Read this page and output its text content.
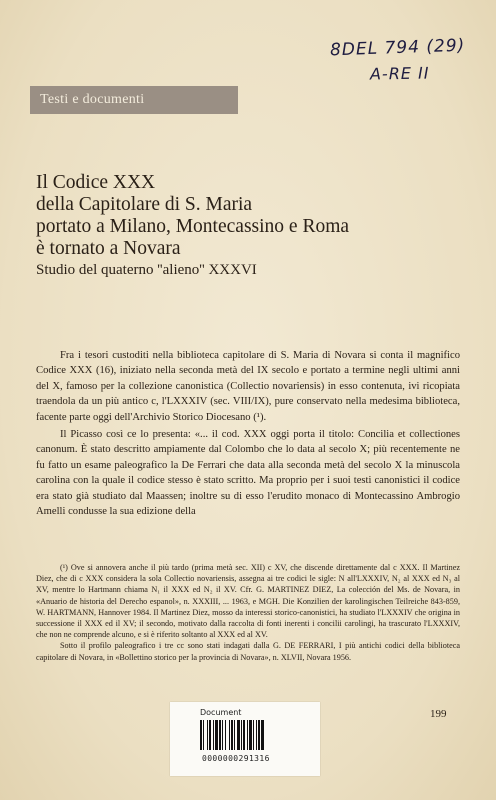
8DEL 794 (29)
A-RE II
Testi e documenti

Il Codice XXX

della Capitolare di S. Maria

portato a Milano, Montecassino e Roma

è tornato a Novara

Studio del quaterno ''alieno'' XXXVI

Fra i tesori custoditi nella biblioteca capitolare di S. Maria di Novara si conta il magnifico Codice XXX (16), iniziato nella seconda metà del IX secolo e portato a termine negli ultimi anni del X, famoso per la collezione canonistica (Collectio novariensis) in esso contenuta, ivi ricopiata traendola da un più antico c, l'LXXXIV (sec. VIII/IX), pure conservato nella medesima biblioteca, facente parte oggi dell'Archivio Storico Diocesano (¹).

Il Picasso così ce lo presenta: «... il cod. XXX oggi porta il titolo: Concilia et collectiones canonum. È stato descritto ampiamente dal Colombo che lo data al secolo X; più recentemente ne fu fatto un esame paleografico la De Ferrari che data alla seconda metà del secolo X la minuscola carolina con la quale il codice stesso è stato scritto. Ma proprio per i suoi testi canonistici il codice era stato già studiato dal Maassen; inoltre su di esso l'erudito monaco di Montecassino Ambrogio Amelli condusse la sua edizione della

(¹) Ove si annovera anche il più tardo (prima metà sec. XII) c XV, che discende direttamente dal c XXX. Il Martinez Diez, che di c XXX considera la sola Collectio novariensis, assegna ai tre codici le sigle: N all'LXXXIV, N₂ al XXX ed N₃ al XV, mentre lo Hartmann chiama N₁ il XXX ed N₂ il XV. Cfr. G. MARTINEZ DIEZ, La colección del Ms. de Novara, in «Anuario de historia del Derecho espanol», n. XXXIII, ... 1963, e MGH. Die Konzilien der karolingischen Teilreiche 843-859, W. HARTMANN, Hannover 1984. Il Martinez Diez, mosso da interessi storico-canonistici, ha studiato l'LXXXIV che origina in successione il XXX ed il XV; il secondo, motivato dalla raccolta di fonti inerenti i concilii carolingi, ha trascurato l'LXXXIV, che non ne comprende alcuno, e si è riferito soltanto al XXX ed al XV.

Sotto il profilo paleografico i tre cc sono stati indagati dalla G. DE FERRARI, I più antichi codici della biblioteca capitolare di Novara, in «Bollettino storico per la provincia di Novara», n. XLVII, Novara 1956.

199
Document
0000000291316
